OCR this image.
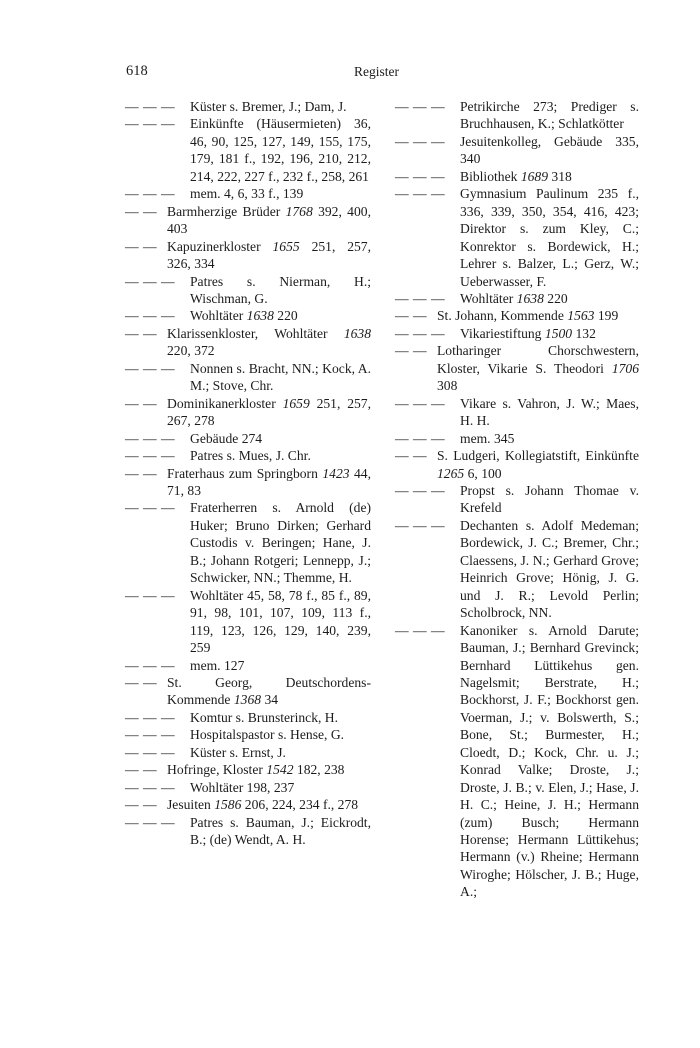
618	Register
— — — Küster s. Bremer, J.; Dam, J.
— — — Einkünfte (Häusermieten) 36, 46, 90, 125, 127, 149, 155, 175, 179, 181 f., 192, 196, 210, 212, 214, 222, 227 f., 232 f., 258, 261
— — — mem. 4, 6, 33 f., 139
— — Barmherzige Brüder 1768 392, 400, 403
— — Kapuzinerkloster 1655 251, 257, 326, 334
— — — Patres s. Nierman, H.; Wischman, G.
— — — Wohltäter 1638 220
— — Klarissenkloster, Wohltäter 1638 220, 372
— — — Nonnen s. Bracht, NN.; Kock, A. M.; Stove, Chr.
— — Dominikanerkloster 1659 251, 257, 267, 278
— — — Gebäude 274
— — — Patres s. Mues, J. Chr.
— — Fraterhaus zum Springborn 1423 44, 71, 83
— — — Fraterherren s. Arnold (de) Huker; Bruno Dirken; Gerhard Custodis v. Beringen; Hane, J. B.; Johann Rotgeri; Lennepp, J.; Schwicker, NN.; Themme, H.
— — — Wohltäter 45, 58, 78 f., 85 f., 89, 91, 98, 101, 107, 109, 113 f., 119, 123, 126, 129, 140, 239, 259
— — — mem. 127
— — St. Georg, Deutschordens-Kommende 1368 34
— — — Komtur s. Brunsterinck, H.
— — — Hospitalspastor s. Hense, G.
— — — Küster s. Ernst, J.
— — Hofringe, Kloster 1542 182, 238
— — — Wohltäter 198, 237
— — Jesuiten 1586 206, 224, 234 f., 278
— — — Patres s. Bauman, J.; Eickrodt, B.; (de) Wendt, A. H.
— — — Petrikirche 273; Prediger s. Bruchhausen, K.; Schlatkötter
— — — Jesuitenkolleg, Gebäude 335, 340
— — — Bibliothek 1689 318
— — — Gymnasium Paulinum 235 f., 336, 339, 350, 354, 416, 423; Direktor s. zum Kley, C.; Konrektor s. Bordewick, H.; Lehrer s. Balzer, L.; Gerz, W.; Ueberwasser, F.
— — — Wohltäter 1638 220
— — St. Johann, Kommende 1563 199
— — — Vikariestiftung 1500 132
— — Lotharinger Chorschwestern, Kloster, Vikarie S. Theodori 1706 308
— — — Vikare s. Vahron, J. W.; Maes, H. H.
— — — mem. 345
— — S. Ludgeri, Kollegiatstift, Einkünfte 1265 6, 100
— — — Propst s. Johann Thomae v. Krefeld
— — — Dechanten s. Adolf Medeman; Bordewick, J. C.; Bremer, Chr.; Claessens, J. N.; Gerhard Grove; Heinrich Grove; Hönig, J. G. und J. R.; Levold Perlin; Scholbrock, NN.
— — — Kanoniker s. Arnold Darute; Bauman, J.; Bernhard Grevinck; Bernhard Lüttikehus gen. Nagelsmit; Berstrate, H.; Bockhorst, J. F.; Bockhorst gen. Voerman, J.; v. Bolswerth, S.; Bone, St.; Burmester, H.; Cloedt, D.; Kock, Chr. u. J.; Konrad Valke; Droste, J.; Droste, J. B.; v. Elen, J.; Hase, J. H. C.; Heine, J. H.; Hermann (zum) Busch; Hermann Horense; Hermann Lüttikehus; Hermann (v.) Rheine; Hermann Wiroghe; Hölscher, J. B.; Huge, A.;
